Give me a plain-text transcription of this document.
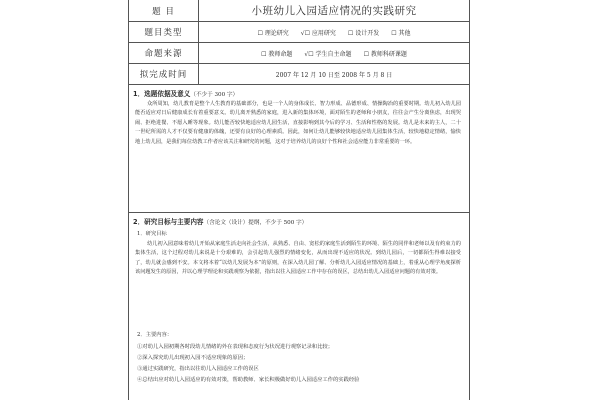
题 目	小班幼儿入园适应情况的实践研究
题目类型	☐ 理论研究 √☐ 应用研究 ☐ 设计开发 ☐ 其他
命题来源	☐ 教师命题 √☐ 学生自主命题 ☐ 教师科研课题
拟完成时间	2007 年 12 月 10 日至 2008 年 5 月 8 日
1．选题依据及意义（不少于 300 字）
众所周知，幼儿教育是整个人生教育的基础部分，也是一个人的身体成长、智力形成、品德形成、情操陶冶的重要时期。幼儿初入幼儿园能否适应对日后健康成长有着重要意义。幼儿离开熟悉的家庭，进入新的集体环境，面对陌生的老师和小朋友，往往会产生分离焦虑，出现哭闹、拒绝进餐、不愿入睡等现象。幼儿能否较快地适应幼儿园生活，直接影响到其今后的学习、生活和性格的发展。幼儿是未来的主人，二十一世纪所需的人才不仅要有健康的体魄，还要有良好的心理素质。因此，如何让幼儿能够较快地适应幼儿园集体生活，较快地稳定情绪，愉快地上幼儿园，是我们每位幼教工作者应该关注和研究的问题，这对于培养幼儿的良好个性和社会适应能力非常重要的一环。
2．研究目标与主要内容（含论文（设计）提纲，不少于 500 字）
1．研究目标
幼儿初入园意味着幼儿开始从家庭生活走向社会生活，从熟悉、自由、宽松的家庭生活到陌生的环境、陌生的同伴和老师以及有约束力的集体生活，这个过程对幼儿来说是十分艰难的，会引起幼儿强烈的情绪变化，从而出现不适应的状况。到幼儿园后，一切都陌生得难以接受了，幼儿就会感到不安。本文将本着“以幼儿发展为本”的原则，在深入幼儿园了解、分析幼儿入园适应情况的基础上，着重从心理学角度探析该问题发生的原因，并以心理学理论和实践观察为依据，指出以往入园适应工作中存在的误区，总结出幼儿入园适应问题的有效对策。
2．主要内容：
①对幼儿入园初期各时段幼儿情绪的外在表现和态度行为状况进行观察记录和比较；
②深入探究幼儿出现初入园不适应现象的原因；
③通过实践研究，指出以往幼儿入园适应工作的误区
④总结出应对幼儿入园适应的有效对策，帮助教师、家长积极做好幼儿入园适应工作的实践经验
